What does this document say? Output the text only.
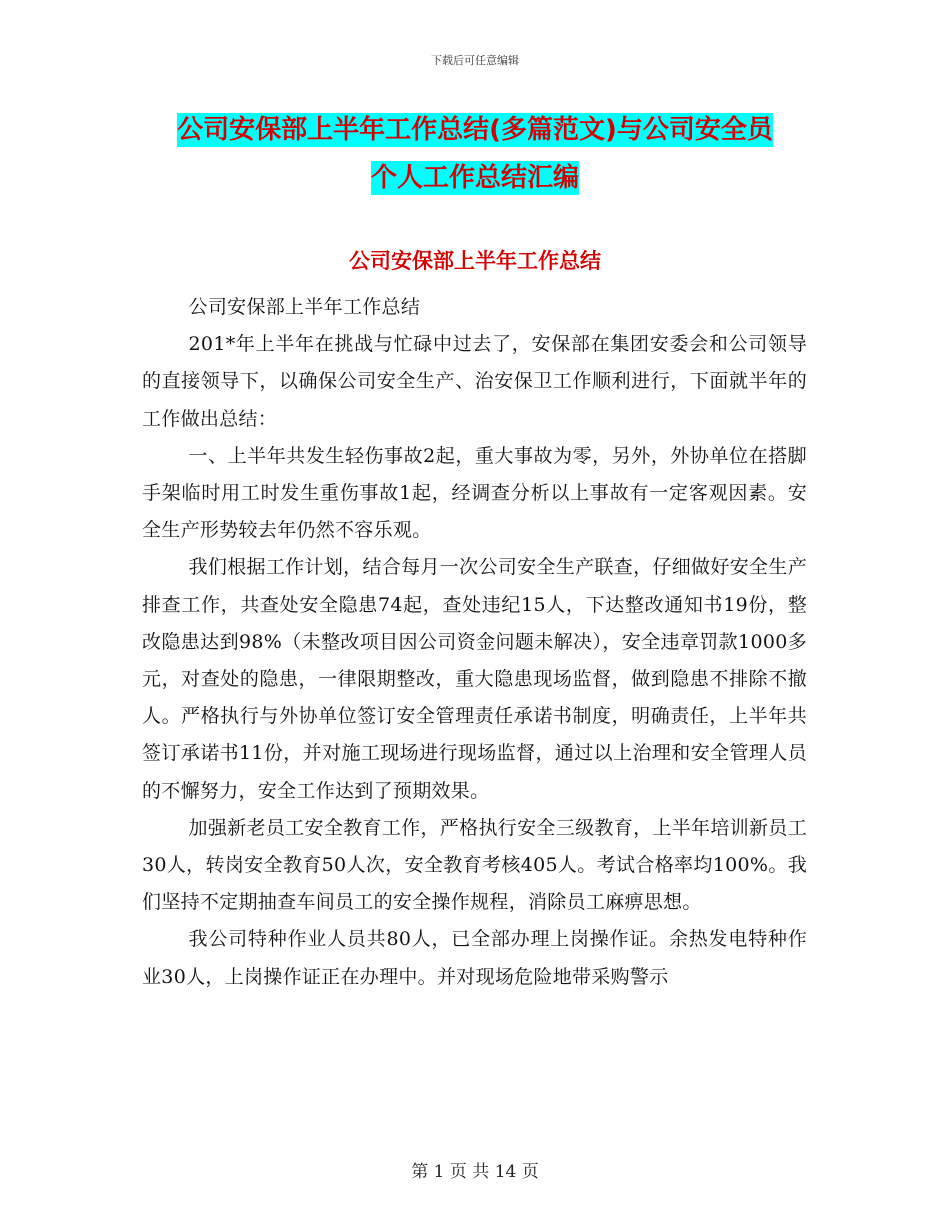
下载后可任意编辑
公司安保部上半年工作总结(多篇范文)与公司安全员
个人工作总结汇编
公司安保部上半年工作总结

公司安保部上半年工作总结

201*年上半年在挑战与忙碌中过去了，安保部在集团安委会和公司领导的直接领导下，以确保公司安全生产、治安保卫工作顺利进行，下面就半年的工作做出总结：

一、上半年共发生轻伤事故2起，重大事故为零，另外，外协单位在搭脚手架临时用工时发生重伤事故1起，经调查分析以上事故有一定客观因素。安全生产形势较去年仍然不容乐观。

我们根据工作计划，结合每月一次公司安全生产联查，仔细做好安全生产排查工作，共查处安全隐患74起，查处违纪15人，下达整改通知书19份，整改隐患达到98%（未整改项目因公司资金问题未解决），安全违章罚款1000多元，对查处的隐患，一律限期整改，重大隐患现场监督，做到隐患不排除不撤人。严格执行与外协单位签订安全管理责任承诺书制度，明确责任，上半年共签订承诺书11份，并对施工现场进行现场监督，通过以上治理和安全管理人员的不懈努力，安全工作达到了预期效果。

加强新老员工安全教育工作，严格执行安全三级教育，上半年培训新员工30人，转岗安全教育50人次，安全教育考核405人。考试合格率均100%。我们坚持不定期抽查车间员工的安全操作规程，消除员工麻痹思想。

我公司特种作业人员共80人，已全部办理上岗操作证。余热发电特种作业30人，上岗操作证正在办理中。并对现场危险地带采购警示

第 1 页 共 14 页
